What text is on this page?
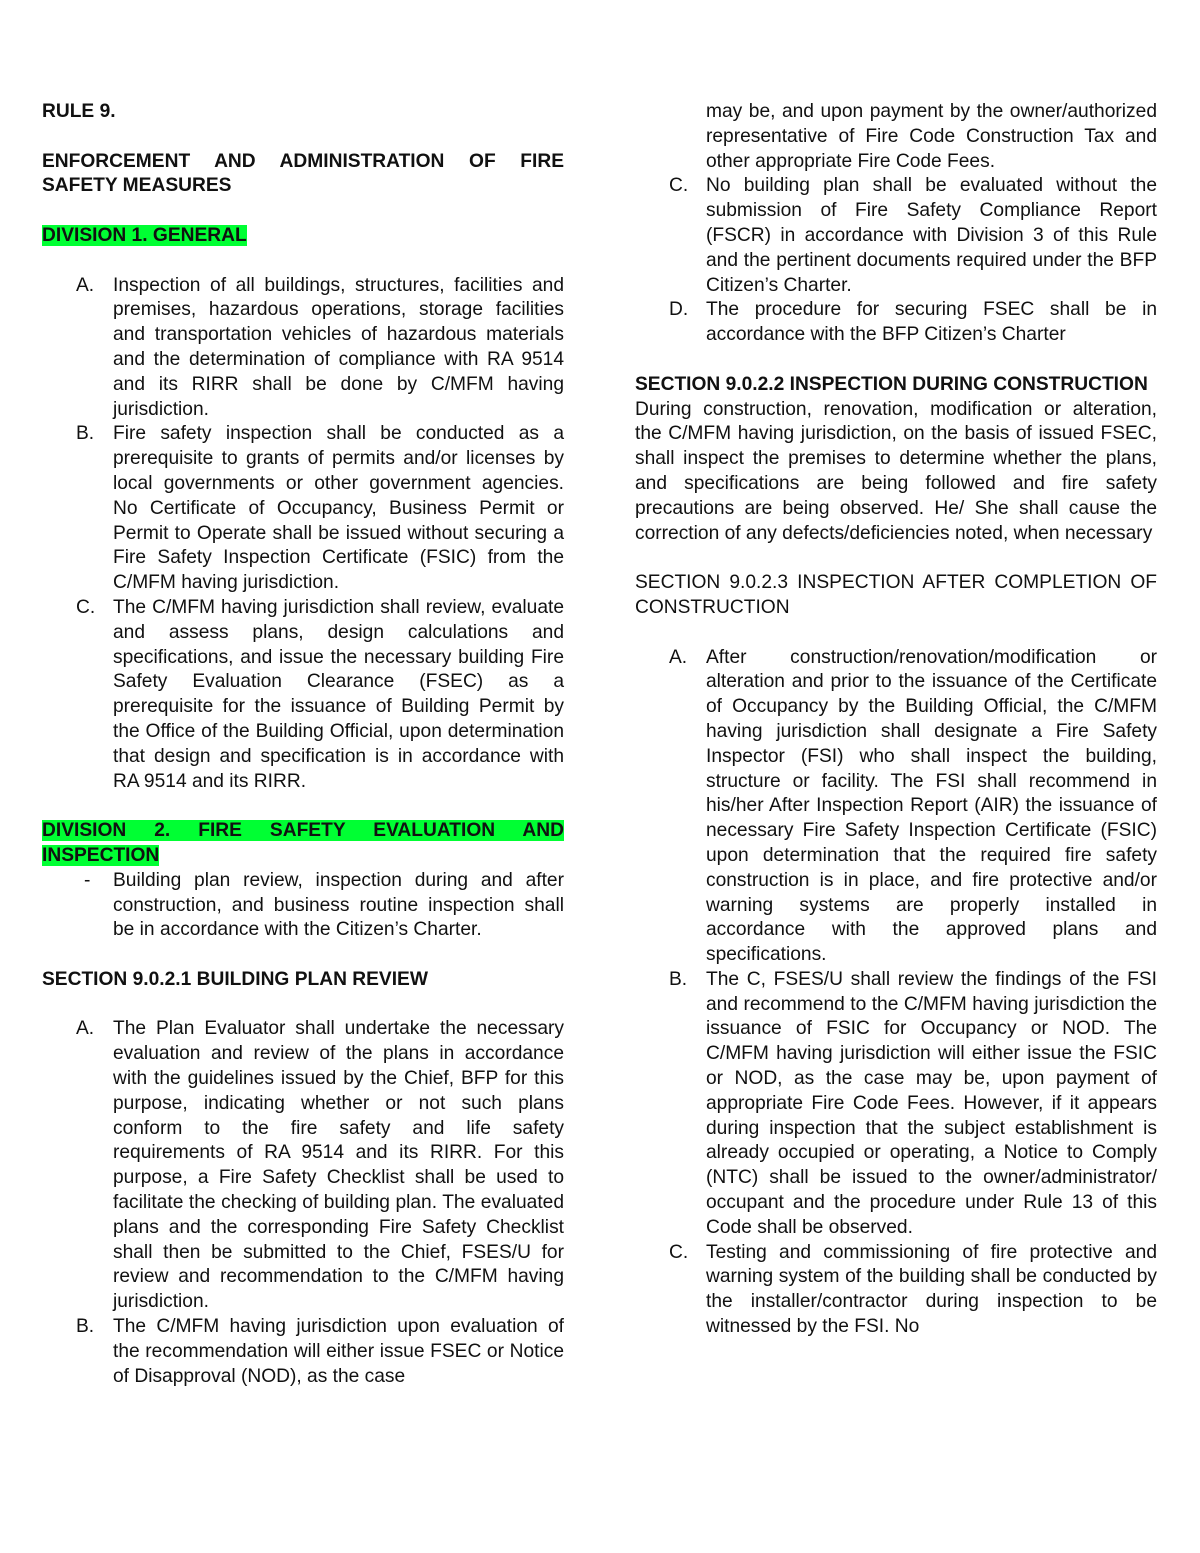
RULE 9.

ENFORCEMENT AND ADMINISTRATION OF FIRE SAFETY MEASURES

DIVISION 1. GENERAL

A. Inspection of all buildings, structures, facilities and premises, hazardous operations, storage facilities and transportation vehicles of hazardous materials and the determination of compliance with RA 9514 and its RIRR shall be done by C/MFM having jurisdiction.
B. Fire safety inspection shall be conducted as a prerequisite to grants of permits and/or licenses by local governments or other government agencies. No Certificate of Occupancy, Business Permit or Permit to Operate shall be issued without securing a Fire Safety Inspection Certificate (FSIC) from the C/MFM having jurisdiction.
C. The C/MFM having jurisdiction shall review, evaluate and assess plans, design calculations and specifications, and issue the necessary building Fire Safety Evaluation Clearance (FSEC) as a prerequisite for the issuance of Building Permit by the Office of the Building Official, upon determination that design and specification is in accordance with RA 9514 and its RIRR.

DIVISION 2. FIRE SAFETY EVALUATION AND INSPECTION

- Building plan review, inspection during and after construction, and business routine inspection shall be in accordance with the Citizen’s Charter.

SECTION 9.0.2.1 BUILDING PLAN REVIEW

A. The Plan Evaluator shall undertake the necessary evaluation and review of the plans in accordance with the guidelines issued by the Chief, BFP for this purpose, indicating whether or not such plans conform to the fire safety and life safety requirements of RA 9514 and its RIRR. For this purpose, a Fire Safety Checklist shall be used to facilitate the checking of building plan. The evaluated plans and the corresponding Fire Safety Checklist shall then be submitted to the Chief, FSES/U for review and recommendation to the C/MFM having jurisdiction.
B. The C/MFM having jurisdiction upon evaluation of the recommendation will either issue FSEC or Notice of Disapproval (NOD), as the case

may be, and upon payment by the owner/authorized representative of Fire Code Construction Tax and other appropriate Fire Code Fees.

C. No building plan shall be evaluated without the submission of Fire Safety Compliance Report (FSCR) in accordance with Division 3 of this Rule and the pertinent documents required under the BFP Citizen’s Charter.
D. The procedure for securing FSEC shall be in accordance with the BFP Citizen’s Charter

SECTION 9.0.2.2 INSPECTION DURING CONSTRUCTION

During construction, renovation, modification or alteration, the C/MFM having jurisdiction, on the basis of issued FSEC, shall inspect the premises to determine whether the plans, and specifications are being followed and fire safety precautions are being observed. He/ She shall cause the correction of any defects/deficiencies noted, when necessary

SECTION 9.0.2.3 INSPECTION AFTER COMPLETION OF CONSTRUCTION

A. After construction/renovation/modification or alteration and prior to the issuance of the Certificate of Occupancy by the Building Official, the C/MFM having jurisdiction shall designate a Fire Safety Inspector (FSI) who shall inspect the building, structure or facility. The FSI shall recommend in his/her After Inspection Report (AIR) the issuance of necessary Fire Safety Inspection Certificate (FSIC) upon determination that the required fire safety construction is in place, and fire protective and/or warning systems are properly installed in accordance with the approved plans and specifications.
B. The C, FSES/U shall review the findings of the FSI and recommend to the C/MFM having jurisdiction the issuance of FSIC for Occupancy or NOD. The C/MFM having jurisdiction will either issue the FSIC or NOD, as the case may be, upon payment of appropriate Fire Code Fees. However, if it appears during inspection that the subject establishment is already occupied or operating, a Notice to Comply (NTC) shall be issued to the owner/administrator/ occupant and the procedure under Rule 13 of this Code shall be observed.
C. Testing and commissioning of fire protective and warning system of the building shall be conducted by the installer/contractor during inspection to be witnessed by the FSI. No
